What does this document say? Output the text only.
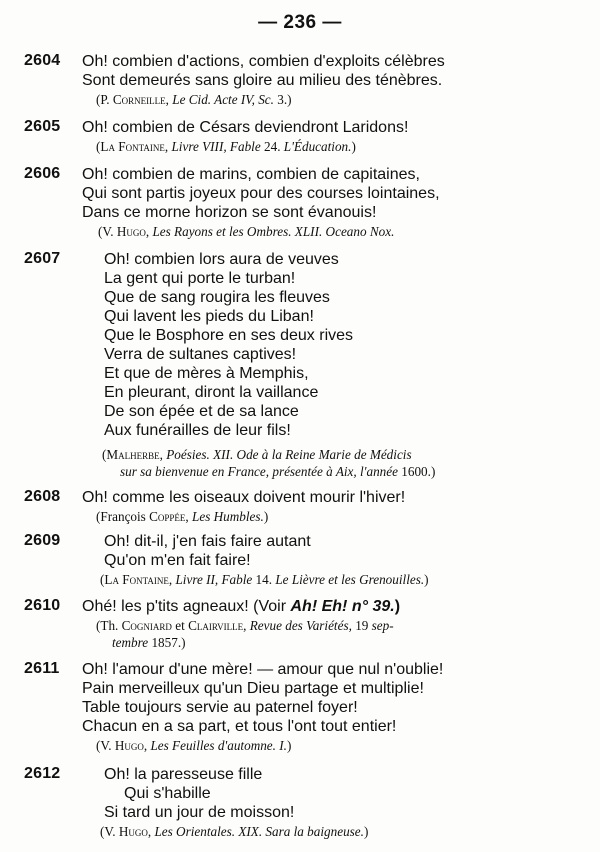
— 236 —
2604 Oh! combien d'actions, combien d'exploits célèbres

Sont demeurés sans gloire au milieu des ténèbres.

(P. Corneille, Le Cid. Acte IV, Sc. 3.)

2605 Oh! combien de Césars deviendront Laridons!

(La Fontaine, Livre VIII, Fable 24. L'Éducation.)

2606 Oh! combien de marins, combien de capitaines,

Qui sont partis joyeux pour des courses lointaines,

Dans ce morne horizon se sont évanouis!

(V. Hugo, Les Rayons et les Ombres. XLII. Oceano Nox.

2607	Oh! combien lors aura de veuves

La gent qui porte le turban!

Que de sang rougira les fleuves

Qui lavent les pieds du Liban!

Que le Bosphore en ses deux rives

Verra de sultanes captives!

Et que de mères à Memphis,

En pleurant, diront la vaillance

De son épée et de sa lance

Aux funérailles de leur fils!

(Malherbe, Poésies. XII. Ode à la Reine Marie de Médicis

sur sa bienvenue en France, présentée à Aix, l'année 1600.)

2608 Oh! comme les oiseaux doivent mourir l'hiver!

(François Coppée, Les Humbles.)

2609	Oh! dit-il, j'en fais faire autant

Qu'on m'en fait faire!

(La Fontaine, Livre II, Fable 14. Le Lièvre et les Grenouilles.)

2610 Ohé! les p'tits agneaux! (Voir Ah! Eh! n° 39.)

(Th. Cogniard et Clairville, Revue des Variétés, 19 sep-

tembre 1857.)

2611 Oh! l'amour d'une mère! — amour que nul n'oublie!

Pain merveilleux qu'un Dieu partage et multiplie!

Table toujours servie au paternel foyer!

Chacun en a sa part, et tous l'ont tout entier!

(V. Hugo, Les Feuilles d'automne. I.)

2612	Oh! la paresseuse fille

Qui s'habille

Si tard un jour de moisson!

(V. Hugo, Les Orientales. XIX. Sara la baigneuse.)
